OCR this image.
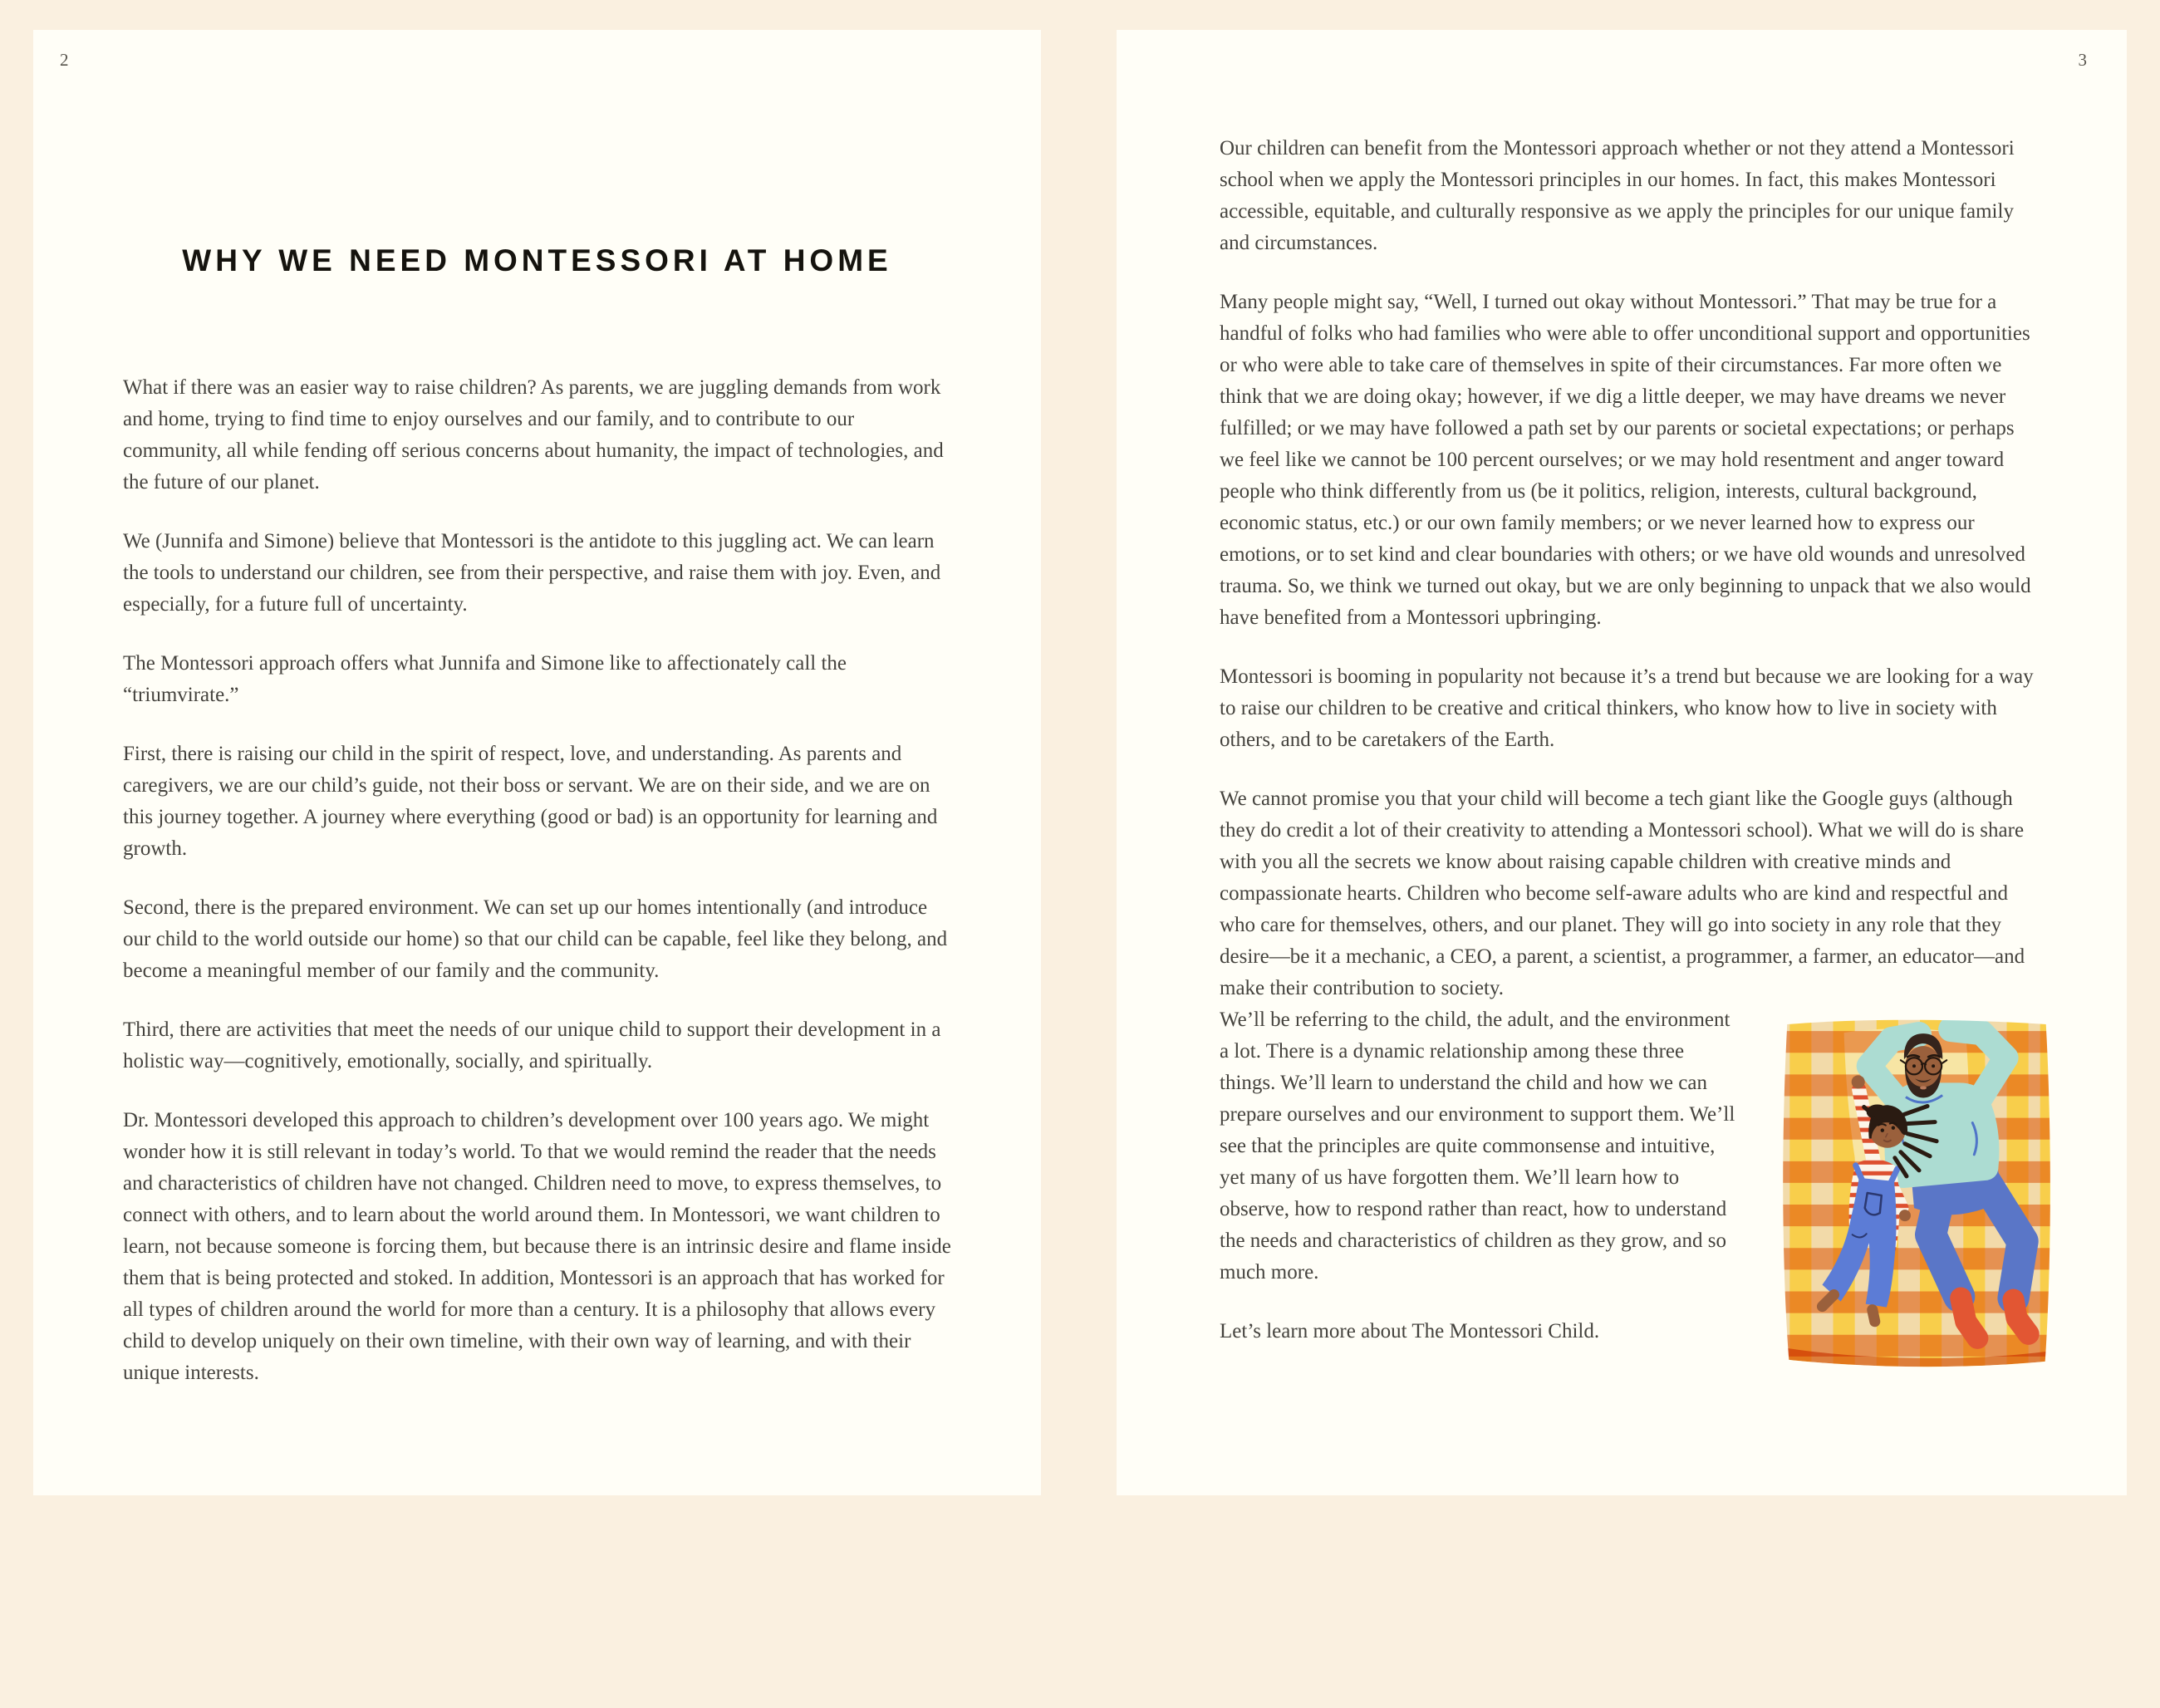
2
WHY WE NEED MONTESSORI AT HOME

What if there was an easier way to raise children? As parents, we are juggling demands from work and home, trying to find time to enjoy ourselves and our family, and to contribute to our community, all while fending off serious concerns about humanity, the impact of technologies, and the future of our planet.

We (Junnifa and Simone) believe that Montessori is the antidote to this juggling act. We can learn the tools to understand our children, see from their perspective, and raise them with joy. Even, and especially, for a future full of uncertainty.

The Montessori approach offers what Junnifa and Simone like to affectionately call the “triumvirate.”

First, there is raising our child in the spirit of respect, love, and understanding. As parents and caregivers, we are our child’s guide, not their boss or servant. We are on their side, and we are on this journey together. A journey where everything (good or bad) is an opportunity for learning and growth.

Second, there is the prepared environment. We can set up our homes intentionally (and introduce our child to the world outside our home) so that our child can be capable, feel like they belong, and become a meaningful member of our family and the community.

Third, there are activities that meet the needs of our unique child to support their development in a holistic way—cognitively, emotionally, socially, and spiritually.

Dr. Montessori developed this approach to children’s development over 100 years ago. We might wonder how it is still relevant in today’s world. To that we would remind the reader that the needs and characteristics of children have not changed. Children need to move, to express themselves, to connect with others, and to learn about the world around them. In Montessori, we want children to learn, not because someone is forcing them, but because there is an intrinsic desire and flame inside them that is being protected and stoked. In addition, Montessori is an approach that has worked for all types of children around the world for more than a century. It is a philosophy that allows every child to develop uniquely on their own timeline, with their own way of learning, and with their unique interests.

3

Our children can benefit from the Montessori approach whether or not they attend a Montessori school when we apply the Montessori principles in our homes. In fact, this makes Montessori accessible, equitable, and culturally responsive as we apply the principles for our unique family and circumstances.

Many people might say, “Well, I turned out okay without Montessori.” That may be true for a handful of folks who had families who were able to offer unconditional support and opportunities or who were able to take care of themselves in spite of their circumstances. Far more often we think that we are doing okay; however, if we dig a little deeper, we may have dreams we never fulfilled; or we may have followed a path set by our parents or societal expectations; or perhaps we feel like we cannot be 100 percent ourselves; or we may hold resentment and anger toward people who think differently from us (be it politics, religion, interests, cultural background, economic status, etc.) or our own family members; or we never learned how to express our emotions, or to set kind and clear boundaries with others; or we have old wounds and unresolved trauma. So, we think we turned out okay, but we are only beginning to unpack that we also would have benefited from a Montessori upbringing.

Montessori is booming in popularity not because it’s a trend but because we are looking for a way to raise our children to be creative and critical thinkers, who know how to live in society with others, and to be caretakers of the Earth.

We cannot promise you that your child will become a tech giant like the Google guys (although they do credit a lot of their creativity to attending a Montessori school). What we will do is share with you all the secrets we know about raising capable children with creative minds and compassionate hearts. Children who become self-aware adults who are kind and respectful and who care for themselves, others, and our planet. They will go into society in any role that they desire—be it a mechanic, a CEO, a parent, a scientist, a programmer, a farmer, an educator—and make their contribution to society.

We’ll be referring to the child, the adult, and the environment a lot. There is a dynamic relationship among these three things. We’ll learn to understand the child and how we can prepare ourselves and our environment to support them. We’ll see that the principles are quite commonsense and intuitive, yet many of us have forgotten them. We’ll learn how to observe, how to respond rather than react, how to understand the needs and characteristics of children as they grow, and so much more.

Let’s learn more about The Montessori Child.
